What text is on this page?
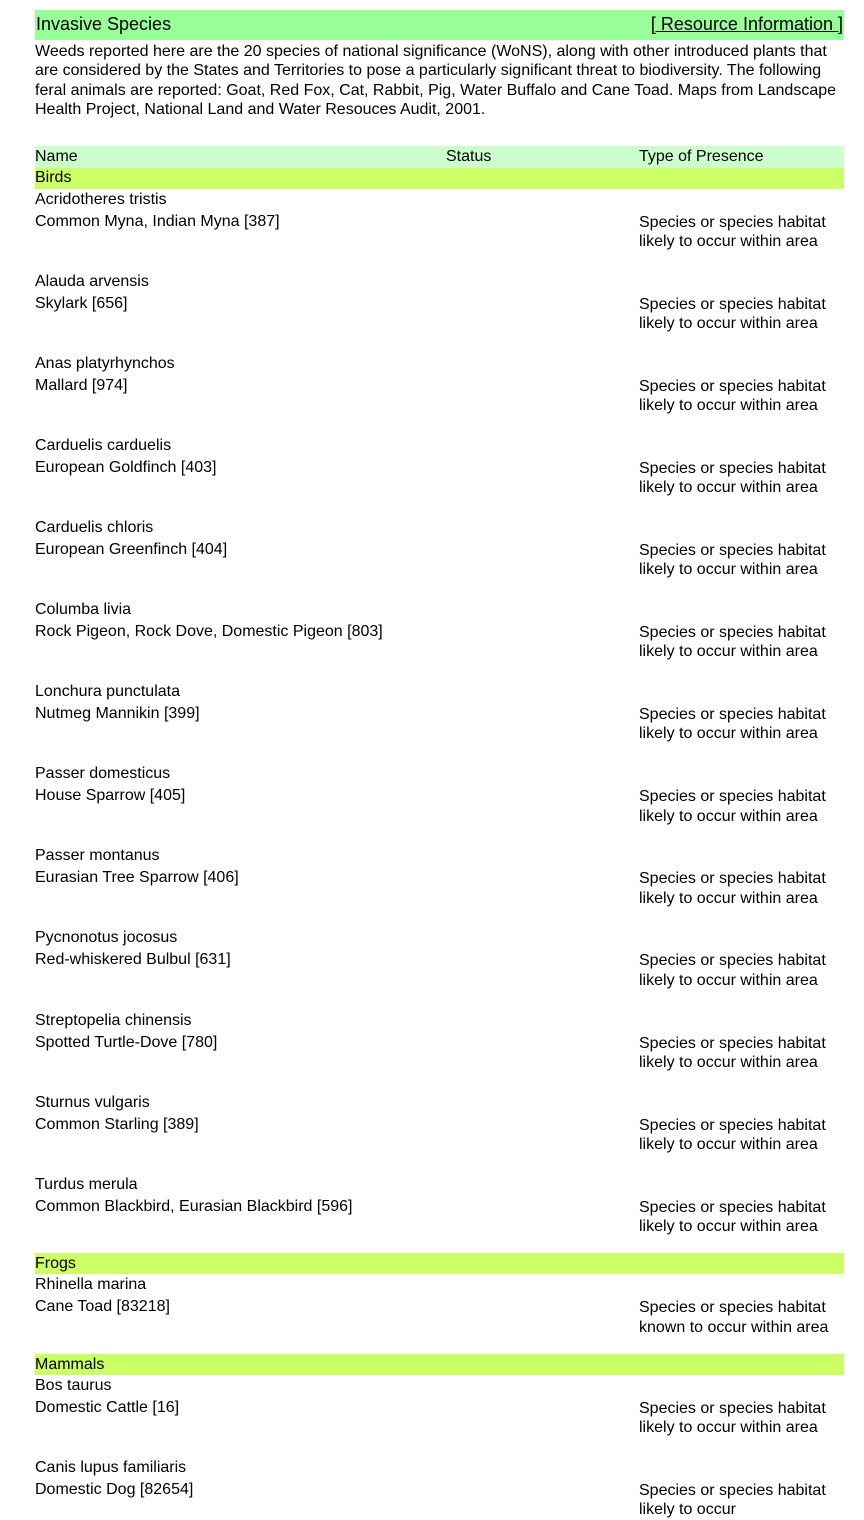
Invasive Species	[ Resource Information ]

Weeds reported here are the 20 species of national significance (WoNS), along with other introduced plants that are considered by the States and Territories to pose a particularly significant threat to biodiversity. The following feral animals are reported: Goat, Red Fox, Cat, Rabbit, Pig, Water Buffalo and Cane Toad. Maps from Landscape Health Project, National Land and Water Resouces Audit, 2001.

Name	Status	Type of Presence
Birds
Acridotheres tristis
Common Myna, Indian Myna [387]	Species or species habitat likely to occur within area
Alauda arvensis
Skylark [656]	Species or species habitat likely to occur within area
Anas platyrhynchos
Mallard [974]	Species or species habitat likely to occur within area
Carduelis carduelis
European Goldfinch [403]	Species or species habitat likely to occur within area
Carduelis chloris
European Greenfinch [404]	Species or species habitat likely to occur within area
Columba livia
Rock Pigeon, Rock Dove, Domestic Pigeon [803]	Species or species habitat likely to occur within area
Lonchura punctulata
Nutmeg Mannikin [399]	Species or species habitat likely to occur within area
Passer domesticus
House Sparrow [405]	Species or species habitat likely to occur within area
Passer montanus
Eurasian Tree Sparrow [406]	Species or species habitat likely to occur within area
Pycnonotus jocosus
Red-whiskered Bulbul [631]	Species or species habitat likely to occur within area
Streptopelia chinensis
Spotted Turtle-Dove [780]	Species or species habitat likely to occur within area
Sturnus vulgaris
Common Starling [389]	Species or species habitat likely to occur within area
Turdus merula
Common Blackbird, Eurasian Blackbird [596]	Species or species habitat likely to occur within area
Frogs
Rhinella marina
Cane Toad [83218]	Species or species habitat known to occur within area
Mammals
Bos taurus
Domestic Cattle [16]	Species or species habitat likely to occur within area
Canis lupus familiaris
Domestic Dog [82654]	Species or species habitat likely to occur
